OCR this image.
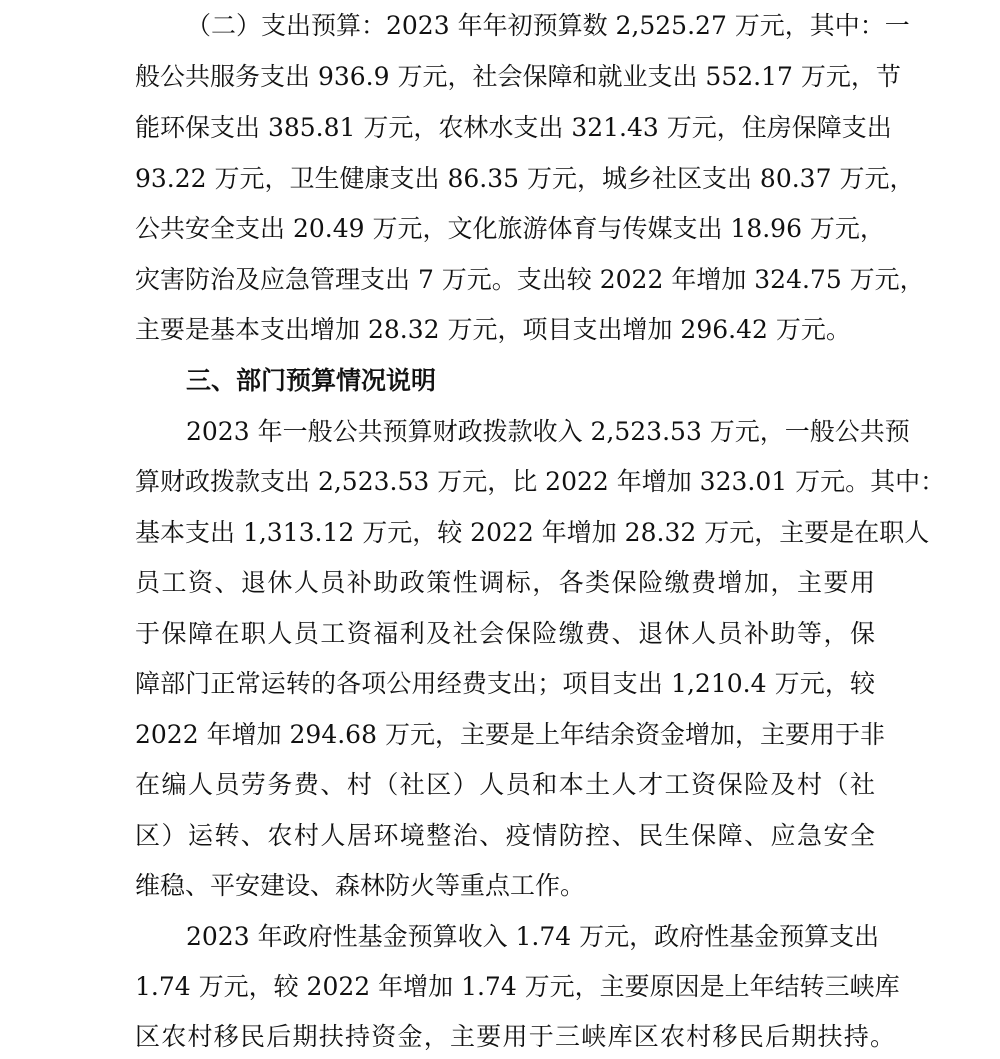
（二）支出预算：2023 年年初预算数 2,525.27 万元，其中：一
般公共服务支出 936.9 万元，社会保障和就业支出 552.17 万元，节
能环保支出 385.81 万元，农林水支出 321.43 万元，住房保障支出
93.22 万元，卫生健康支出 86.35 万元，城乡社区支出 80.37 万元，
公共安全支出 20.49 万元，文化旅游体育与传媒支出 18.96 万元，
灾害防治及应急管理支出 7 万元。支出较 2022 年增加 324.75 万元，
主要是基本支出增加 28.32 万元，项目支出增加 296.42 万元。
三、部门预算情况说明
2023 年一般公共预算财政拨款收入 2,523.53 万元，一般公共预
算财政拨款支出 2,523.53 万元，比 2022 年增加 323.01 万元。其中：
基本支出 1,313.12 万元，较 2022 年增加 28.32 万元，主要是在职人
员工资、退休人员补助政策性调标，各类保险缴费增加，主要用
于保障在职人员工资福利及社会保险缴费、退休人员补助等，保
障部门正常运转的各项公用经费支出；项目支出 1,210.4 万元，较
2022 年增加 294.68 万元，主要是上年结余资金增加，主要用于非
在编人员劳务费、村（社区）人员和本土人才工资保险及村（社
区）运转、农村人居环境整治、疫情防控、民生保障、应急安全
维稳、平安建设、森林防火等重点工作。
2023 年政府性基金预算收入 1.74 万元，政府性基金预算支出
1.74 万元，较 2022 年增加 1.74 万元，主要原因是上年结转三峡库
区农村移民后期扶持资金，主要用于三峡库区农村移民后期扶持。
